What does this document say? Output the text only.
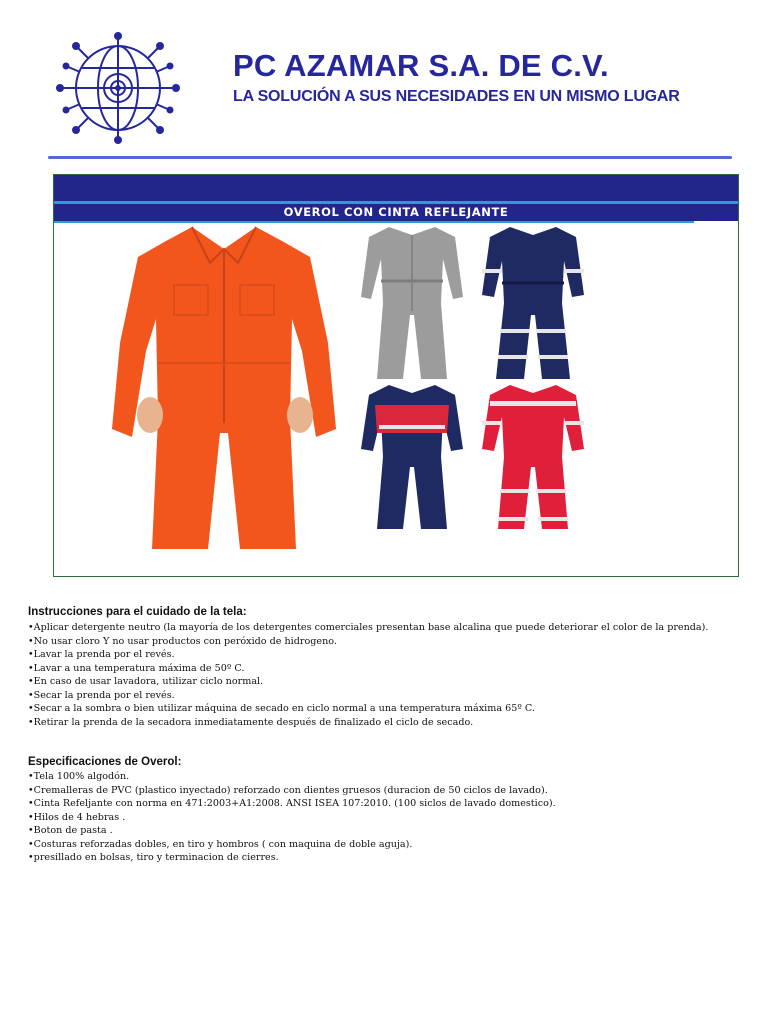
PC AZAMAR S.A. DE C.V.
LA SOLUCIÓN A SUS NECESIDADES EN UN MISMO LUGAR
OVEROL CON CINTA REFLEJANTE
Instrucciones para el cuidado de la tela:
• Aplicar detergente neutro (la mayoría de los detergentes comerciales presentan base alcalina que puede deteriorar el color de la prenda).
• No usar cloro Y no usar productos con peróxido de hidrogeno.
• Lavar la prenda por el revés.
• Lavar a una temperatura máxima de 50º C.
• En caso de usar lavadora, utilizar ciclo normal.
• Secar la prenda por el revés.
• Secar a la sombra o bien utilizar máquina de secado en ciclo normal a una temperatura máxima 65º C.
• Retirar la prenda de la secadora inmediatamente después de finalizado el ciclo de secado.
Especificaciones de Overol:
• Tela 100% algodón.
• Cremalleras de PVC (plastico inyectado) reforzado con dientes gruesos (duracion de 50 ciclos de lavado).
• Cinta Refeljante con norma en 471:2003+A1:2008. ANSI ISEA 107:2010. (100 siclos de lavado domestico).
• Hilos de 4 hebras .
• Boton de pasta .
• Costuras reforzadas dobles, en tiro y hombros ( con maquina de doble aguja).
• presillado en bolsas, tiro y terminacion de cierres.
